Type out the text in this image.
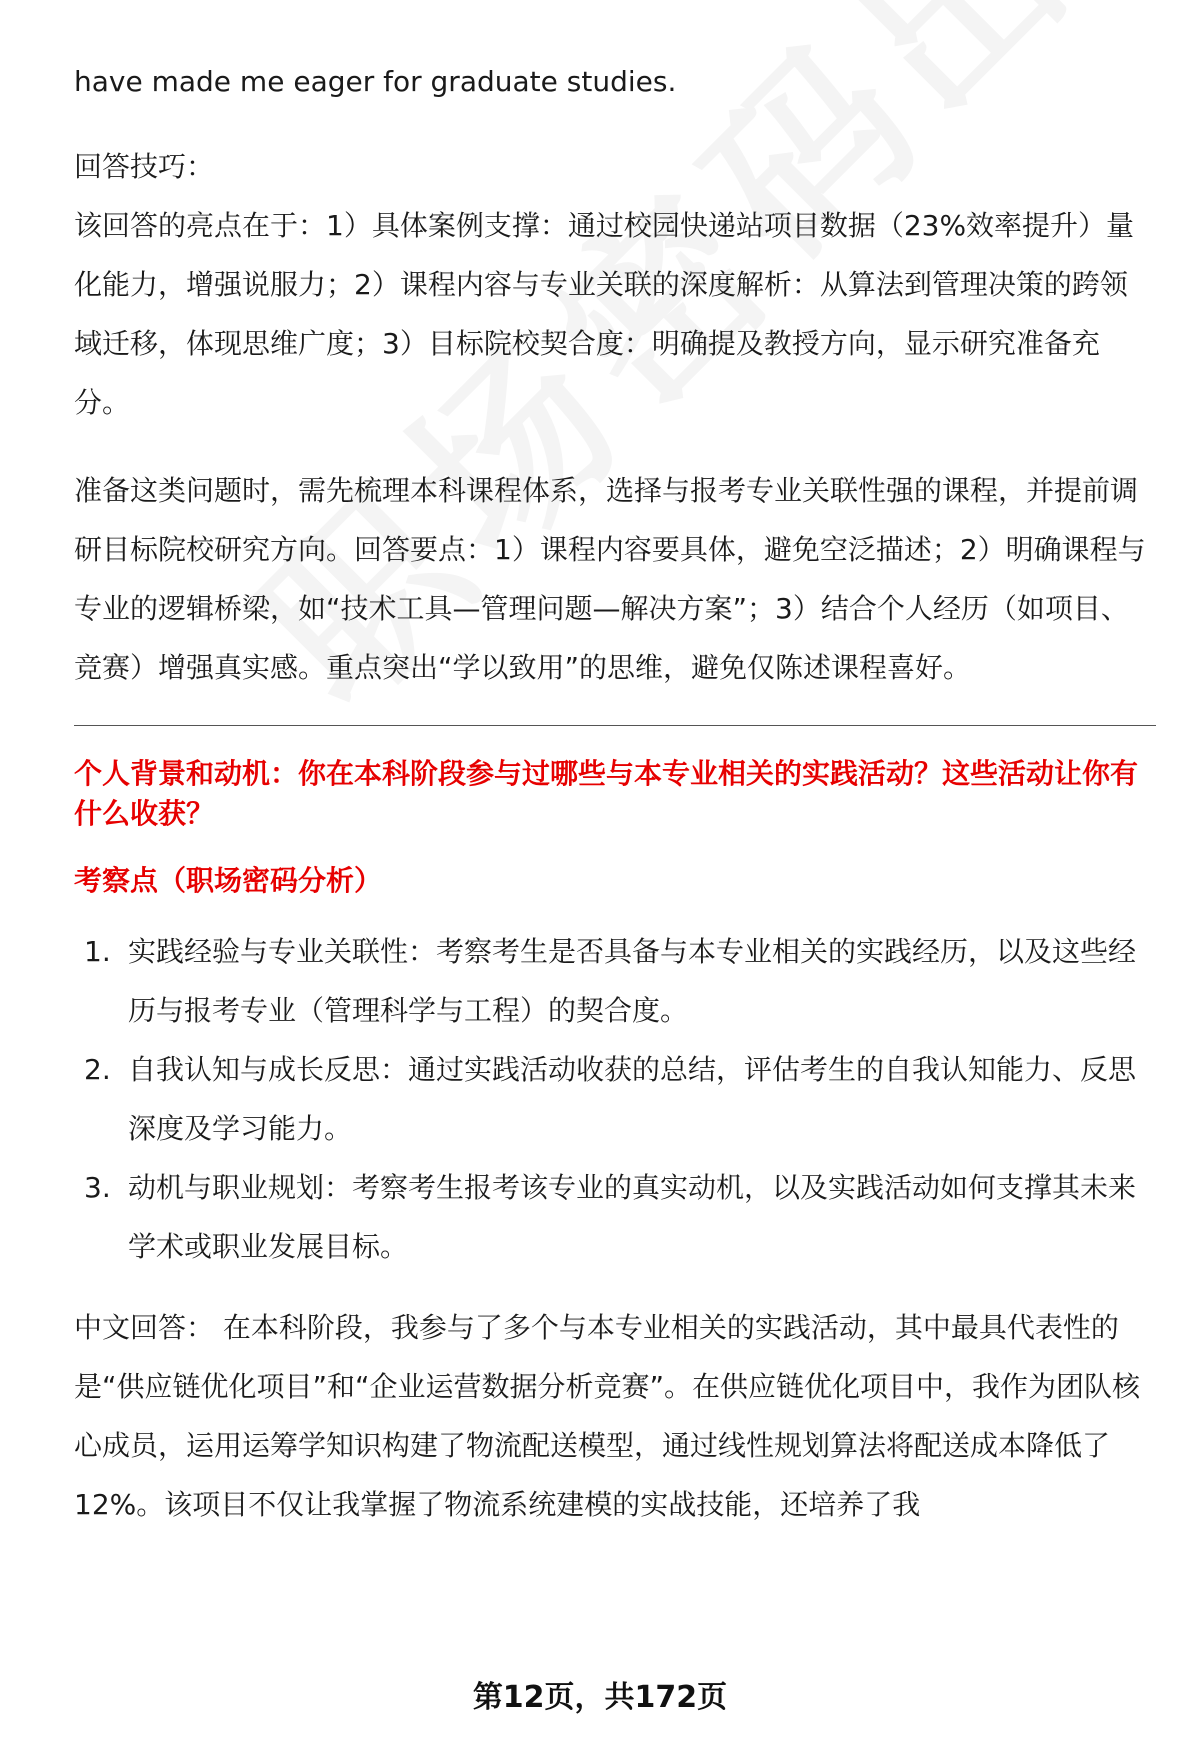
have made me eager for graduate studies.

回答技巧：

该回答的亮点在于：1）具体案例支撑：通过校园快递站项目数据（23%效率提升）量化能力，增强说服力；2）课程内容与专业关联的深度解析：从算法到管理决策的跨领域迁移，体现思维广度；3）目标院校契合度：明确提及教授方向，显示研究准备充分。

准备这类问题时，需先梳理本科课程体系，选择与报考专业关联性强的课程，并提前调研目标院校研究方向。回答要点：1）课程内容要具体，避免空泛描述；2）明确课程与专业的逻辑桥梁，如“技术工具—管理问题—解决方案”；3）结合个人经历（如项目、竞赛）增强真实感。重点突出“学以致用”的思维，避免仅陈述课程喜好。

个人背景和动机：你在本科阶段参与过哪些与本专业相关的实践活动？这些活动让你有什么收获？
考察点（职场密码分析）
1. 实践经验与专业关联性：考察考生是否具备与本专业相关的实践经历，以及这些经历与报考专业（管理科学与工程）的契合度。
2. 自我认知与成长反思：通过实践活动收获的总结，评估考生的自我认知能力、反思深度及学习能力。
3. 动机与职业规划：考察考生报考该专业的真实动机，以及实践活动如何支撑其未来学术或职业发展目标。

中文回答： 在本科阶段，我参与了多个与本专业相关的实践活动，其中最具代表性的是“供应链优化项目”和“企业运营数据分析竞赛”。在供应链优化项目中，我作为团队核心成员，运用运筹学知识构建了物流配送模型，通过线性规划算法将配送成本降低了12%。该项目不仅让我掌握了物流系统建模的实战技能，还培养了我

第12页，共172页
